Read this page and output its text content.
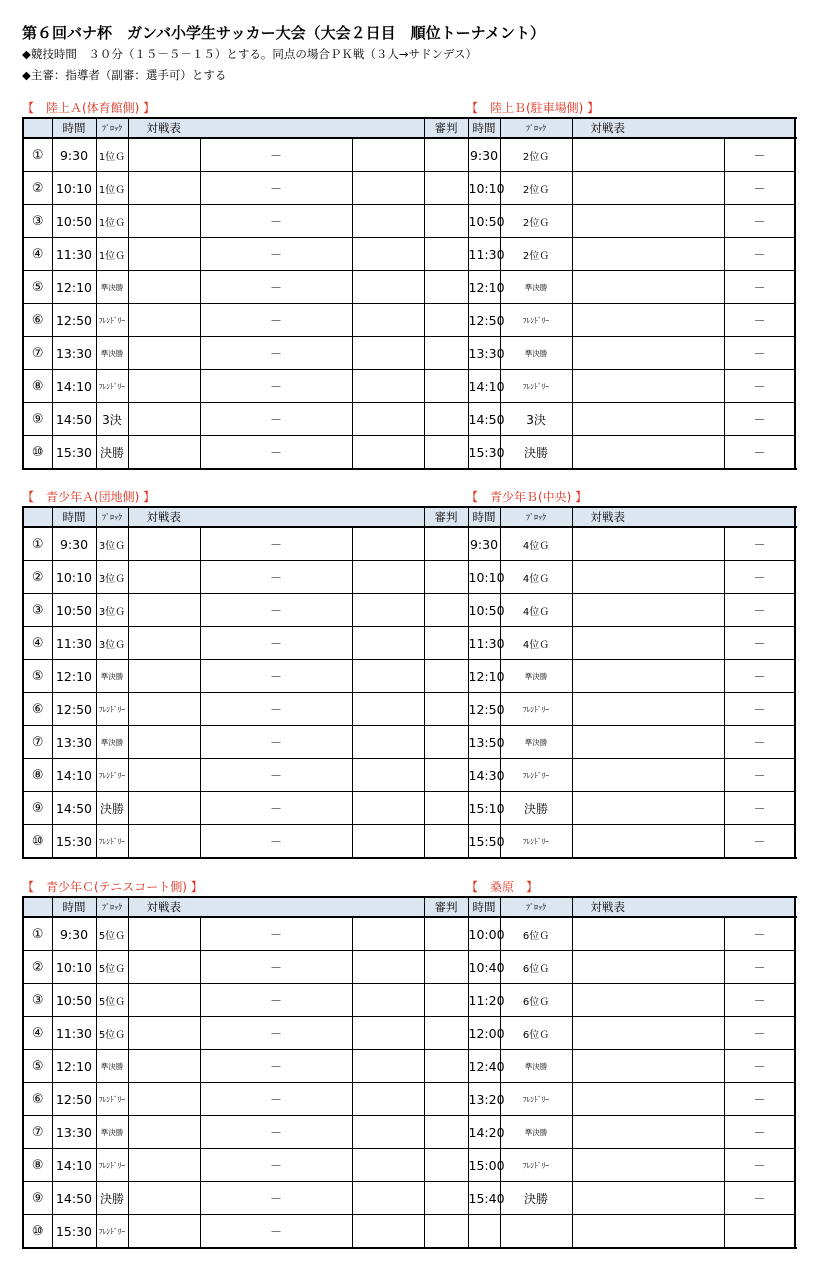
第６回バナ杯　ガンバ小学生サッカー大会（大会２日目　順位トーナメント）
◆競技時間　３０分（１５－５－１５）とする。同点の場合ＰＫ戦（３人→サドンデス）
◆主審：指導者（副審：選手可）とする
【　陸上Ａ(体育館側) 】	【　陸上Ｂ(駐車場側) 】
	時間	ﾌﾞﾛｯｸ	対戦表			審判	時間	ﾌﾞﾛｯｸ	対戦表	
①	9:30	1位Ｇ		－			9:30	2位Ｇ		－		
②	10:10	1位Ｇ		－			10:10	2位Ｇ		－		
③	10:50	1位Ｇ		－			10:50	2位Ｇ		－		
④	11:30	1位Ｇ		－			11:30	2位Ｇ		－		
⑤	12:10	準決勝		－			12:10	準決勝		－		
⑥	12:50	ﾌﾚﾝﾄﾞﾘｰ		－			12:50	ﾌﾚﾝﾄﾞﾘｰ		－		
⑦	13:30	準決勝		－			13:30	準決勝		－		
⑧	14:10	ﾌﾚﾝﾄﾞﾘｰ		－			14:10	ﾌﾚﾝﾄﾞﾘｰ		－		
⑨	14:50	3決		－			14:50	3決		－		
⑩	15:30	決勝		－			15:30	決勝		－		
【　青少年Ａ(団地側) 】	【　青少年Ｂ(中央) 】
	時間	ﾌﾞﾛｯｸ	対戦表			審判	時間	ﾌﾞﾛｯｸ	対戦表	
①	9:30	3位Ｇ		－			9:30	4位Ｇ		－		
②	10:10	3位Ｇ		－			10:10	4位Ｇ		－		
③	10:50	3位Ｇ		－			10:50	4位Ｇ		－		
④	11:30	3位Ｇ		－			11:30	4位Ｇ		－		
⑤	12:10	準決勝		－			12:10	準決勝		－		
⑥	12:50	ﾌﾚﾝﾄﾞﾘｰ		－			12:50	ﾌﾚﾝﾄﾞﾘｰ		－		
⑦	13:30	準決勝		－			13:50	準決勝		－		
⑧	14:10	ﾌﾚﾝﾄﾞﾘｰ		－			14:30	ﾌﾚﾝﾄﾞﾘｰ		－		
⑨	14:50	決勝		－			15:10	決勝		－		
⑩	15:30	ﾌﾚﾝﾄﾞﾘｰ		－			15:50	ﾌﾚﾝﾄﾞﾘｰ		－		
【　青少年Ｃ(テニスコート側) 】	【　桑原　】
	時間	ﾌﾞﾛｯｸ	対戦表			審判	時間	ﾌﾞﾛｯｸ	対戦表	
①	9:30	5位Ｇ		－			10:00	6位Ｇ		－		
②	10:10	5位Ｇ		－			10:40	6位Ｇ		－		
③	10:50	5位Ｇ		－			11:20	6位Ｇ		－		
④	11:30	5位Ｇ		－			12:00	6位Ｇ		－		
⑤	12:10	準決勝		－			12:40	準決勝		－		
⑥	12:50	ﾌﾚﾝﾄﾞﾘｰ		－			13:20	ﾌﾚﾝﾄﾞﾘｰ		－		
⑦	13:30	準決勝		－			14:20	準決勝		－		
⑧	14:10	ﾌﾚﾝﾄﾞﾘｰ		－			15:00	ﾌﾚﾝﾄﾞﾘｰ		－		
⑨	14:50	決勝		－			15:40	決勝		－		
⑩	15:30	ﾌﾚﾝﾄﾞﾘｰ		－								
